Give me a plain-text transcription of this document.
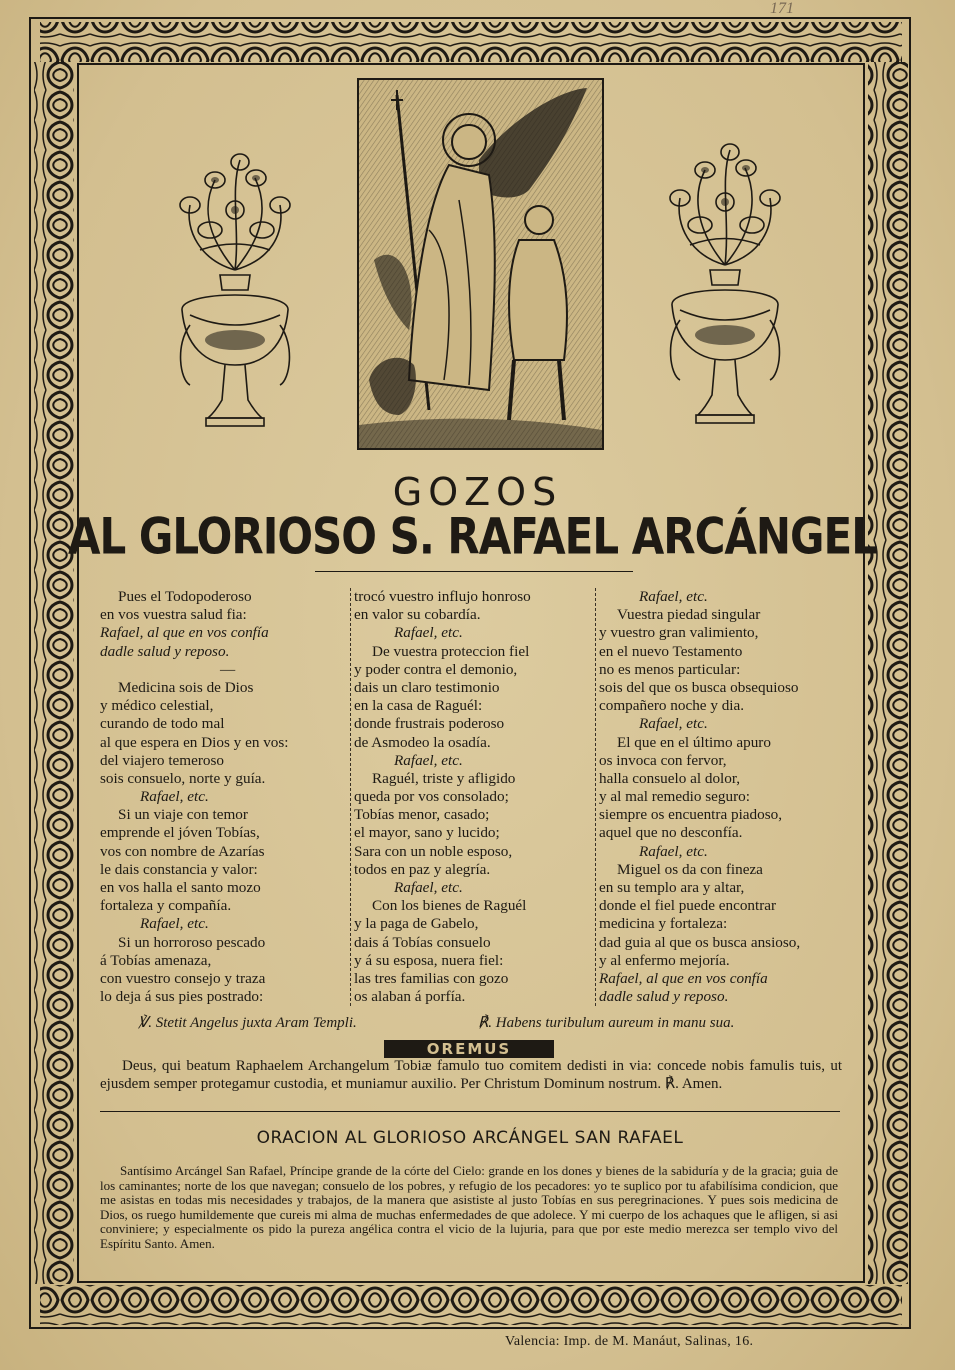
171
GOZOS
AL GLORIOSO S. RAFAEL ARCÁNGEL
Pues el Todopoderoso
en vos vuestra salud fia:
Rafael, al que en vos confía
dadle salud y reposo.
—
Medicina sois de Dios
y médico celestial,
curando de todo mal
al que espera en Dios y en vos:
del viajero temeroso
sois consuelo, norte y guía.
Rafael, etc.
Si un viaje con temor
emprende el jóven Tobías,
vos con nombre de Azarías
le dais constancia y valor:
en vos halla el santo mozo
fortaleza y compañía.
Rafael, etc.
Si un horroroso pescado
á Tobías amenaza,
con vuestro consejo y traza
lo deja á sus pies postrado:
trocó vuestro influjo honroso
en valor su cobardía.
Rafael, etc.
De vuestra proteccion fiel
y poder contra el demonio,
dais un claro testimonio
en la casa de Raguél:
donde frustrais poderoso
de Asmodeo la osadía.
Rafael, etc.
Raguél, triste y afligido
queda por vos consolado;
Tobías menor, casado;
el mayor, sano y lucido;
Sara con un noble esposo,
todos en paz y alegría.
Rafael, etc.
Con los bienes de Raguél
y la paga de Gabelo,
dais á Tobías consuelo
y á su esposa, nuera fiel:
las tres familias con gozo
os alaban á porfía.
Rafael, etc.
Vuestra piedad singular
y vuestro gran valimiento,
en el nuevo Testamento
no es menos particular:
sois del que os busca obsequioso
compañero noche y dia.
Rafael, etc.
El que en el último apuro
os invoca con fervor,
halla consuelo al dolor,
y al mal remedio seguro:
siempre os encuentra piadoso,
aquel que no desconfía.
Rafael, etc.
Miguel os da con fineza
en su templo ara y altar,
donde el fiel puede encontrar
medicina y fortaleza:
dad guia al que os busca ansioso,
y al enfermo mejoría.
Rafael, al que en vos confía
dadle salud y reposo.
℣. Stetit Angelus juxta Aram Templi.	℟. Habens turibulum aureum in manu sua.
OREMUS
Deus, qui beatum Raphaelem Archangelum Tobiæ famulo tuo comitem dedisti in via: concede nobis famulis tuis, ut ejusdem semper protegamur custodia, et muniamur auxilio. Per Christum Dominum nostrum. ℟. Amen.
ORACION AL GLORIOSO ARCÁNGEL SAN RAFAEL
Santísimo Arcángel San Rafael, Príncipe grande de la córte del Cielo: grande en los dones y bienes de la sabiduría y de la gracia; guia de los caminantes; norte de los que navegan; consuelo de los pobres, y refugio de los pecadores: yo te suplico por tu afabilísima condicion, que me asistas en todas mis necesidades y trabajos, de la manera que asististe al justo Tobías en sus peregrinaciones. Y pues sois medicina de Dios, os ruego humildemente que cureis mi alma de muchas enfermedades de que adolece. Y mi cuerpo de los achaques que le afligen, si asi conviniere; y especialmente os pido la pureza angélica contra el vicio de la lujuria, para que por este medio merezca ser templo vivo del Espíritu Santo. Amen.
Valencia: Imp. de M. Manáut, Salinas, 16.
